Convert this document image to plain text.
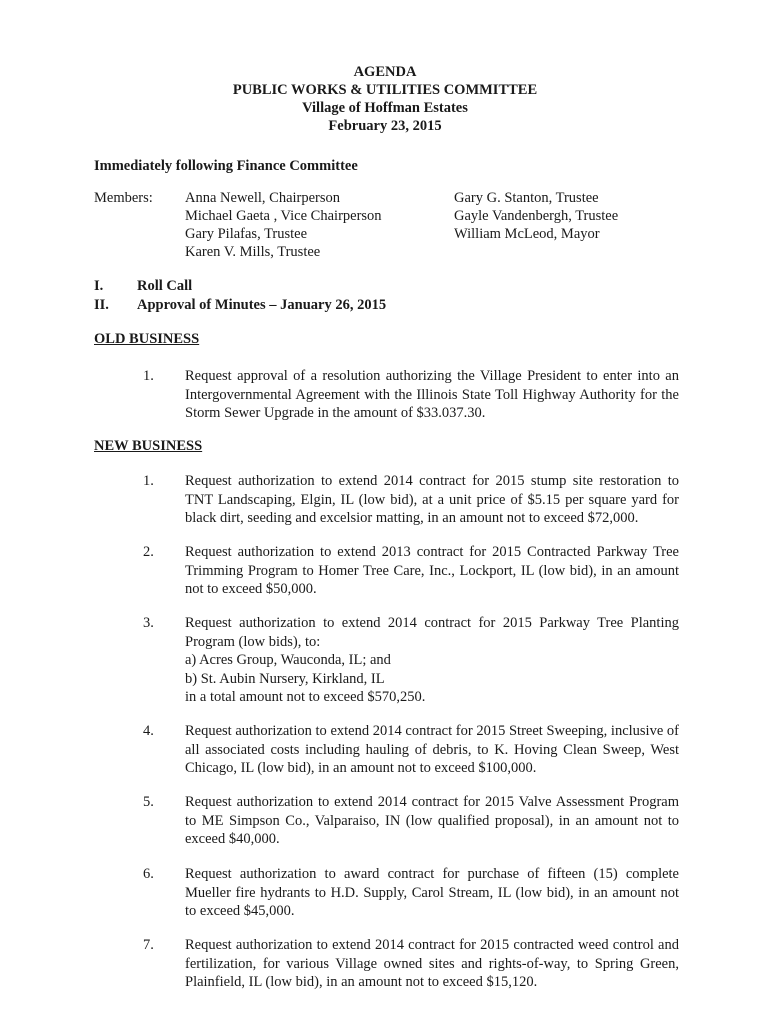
AGENDA
PUBLIC WORKS & UTILITIES COMMITTEE
Village of Hoffman Estates
February 23, 2015
Immediately following Finance Committee
Members: Anna Newell, Chairperson
Michael Gaeta , Vice Chairperson
Gary Pilafas, Trustee
Karen V. Mills, Trustee
Gary G. Stanton, Trustee
Gayle Vandenbergh, Trustee
William McLeod, Mayor
I. Roll Call
II. Approval of Minutes – January 26, 2015
OLD BUSINESS
1. Request approval of a resolution authorizing the Village President to enter into an Intergovernmental Agreement with the Illinois State Toll Highway Authority for the Storm Sewer Upgrade in the amount of $33.037.30.
NEW BUSINESS
1. Request authorization to extend 2014 contract for 2015 stump site restoration to TNT Landscaping, Elgin, IL (low bid), at a unit price of $5.15 per square yard for black dirt, seeding and excelsior matting, in an amount not to exceed $72,000.
2. Request authorization to extend 2013 contract for 2015 Contracted Parkway Tree Trimming Program to Homer Tree Care, Inc., Lockport, IL (low bid), in an amount not to exceed $50,000.
3. Request authorization to extend 2014 contract for 2015 Parkway Tree Planting Program (low bids), to:
a) Acres Group, Wauconda, IL; and
b) St. Aubin Nursery, Kirkland, IL
in a total amount not to exceed $570,250.
4. Request authorization to extend 2014 contract for 2015 Street Sweeping, inclusive of all associated costs including hauling of debris, to K. Hoving Clean Sweep, West Chicago, IL (low bid), in an amount not to exceed $100,000.
5. Request authorization to extend 2014 contract for 2015 Valve Assessment Program to ME Simpson Co., Valparaiso, IN (low qualified proposal), in an amount not to exceed $40,000.
6. Request authorization to award contract for purchase of fifteen (15) complete Mueller fire hydrants to H.D. Supply, Carol Stream, IL (low bid), in an amount not to exceed $45,000.
7. Request authorization to extend 2014 contract for 2015 contracted weed control and fertilization, for various Village owned sites and rights-of-way, to Spring Green, Plainfield, IL (low bid), in an amount not to exceed $15,120.
